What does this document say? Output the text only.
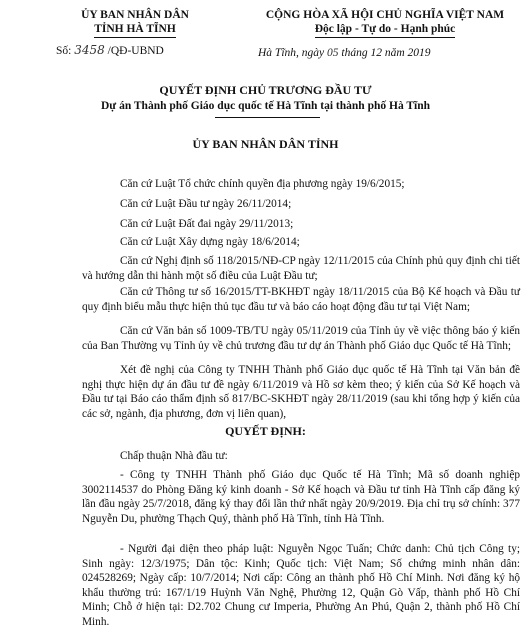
ỦY BAN NHÂN DÂN
TỈNH HÀ TĨNH
CỘNG HÒA XÃ HỘI CHỦ NGHĨA VIỆT NAM
Độc lập - Tự do - Hạnh phúc
Số: 3458 /QĐ-UBND	Hà Tĩnh, ngày 05 tháng 12 năm 2019
QUYẾT ĐỊNH CHỦ TRƯƠNG ĐẦU TƯ
Dự án Thành phố Giáo dục quốc tế Hà Tĩnh tại thành phố Hà Tĩnh
ỦY BAN NHÂN DÂN TỈNH

Căn cứ Luật Tổ chức chính quyền địa phương ngày 19/6/2015;

Căn cứ Luật Đầu tư ngày 26/11/2014;

Căn cứ Luật Đất đai ngày 29/11/2013;

Căn cứ Luật Xây dựng ngày 18/6/2014;

Căn cứ Nghị định số 118/2015/NĐ-CP ngày 12/11/2015 của Chính phủ quy định chi tiết và hướng dẫn thi hành một số điều của Luật Đầu tư;

Căn cứ Thông tư số 16/2015/TT-BKHĐT ngày 18/11/2015 của Bộ Kế hoạch và Đầu tư quy định biểu mẫu thực hiện thủ tục đầu tư và báo cáo hoạt động đầu tư tại Việt Nam;

Căn cứ Văn bản số 1009-TB/TU ngày 05/11/2019 của Tỉnh ủy về việc thông báo ý kiến của Ban Thường vụ Tỉnh ủy về chủ trương đầu tư dự án Thành phố Giáo dục Quốc tế Hà Tĩnh;

Xét đề nghị của Công ty TNHH Thành phố Giáo dục quốc tế Hà Tĩnh tại Văn bản đề nghị thực hiện dự án đầu tư đề ngày 6/11/2019 và Hồ sơ kèm theo; ý kiến của Sở Kế hoạch và Đầu tư tại Báo cáo thẩm định số 817/BC-SKHĐT ngày 28/11/2019 (sau khi tổng hợp ý kiến của các sở, ngành, địa phương, đơn vị liên quan),

QUYẾT ĐỊNH:

Chấp thuận Nhà đầu tư:

- Công ty TNHH Thành phố Giáo dục Quốc tế Hà Tĩnh; Mã số doanh nghiệp 3002114537 do Phòng Đăng ký kinh doanh - Sở Kế hoạch và Đầu tư tỉnh Hà Tĩnh cấp đăng ký lần đầu ngày 25/7/2018, đăng ký thay đổi lần thứ nhất ngày 20/9/2019. Địa chỉ trụ sở chính: 377 Nguyễn Du, phường Thạch Quý, thành phố Hà Tĩnh, tỉnh Hà Tĩnh.

- Người đại diện theo pháp luật: Nguyễn Ngọc Tuấn; Chức danh: Chủ tịch Công ty; Sinh ngày: 12/3/1975; Dân tộc: Kinh; Quốc tịch: Việt Nam; Số chứng minh nhân dân: 024528269; Ngày cấp: 10/7/2014; Nơi cấp: Công an thành phố Hồ Chí Minh. Nơi đăng ký hộ khẩu thường trú: 167/1/19 Huỳnh Văn Nghệ, Phường 12, Quận Gò Vấp, thành phố Hồ Chí Minh; Chỗ ở hiện tại: D2.702 Chung cư Imperia, Phường An Phú, Quận 2, thành phố Hồ Chí Minh.
